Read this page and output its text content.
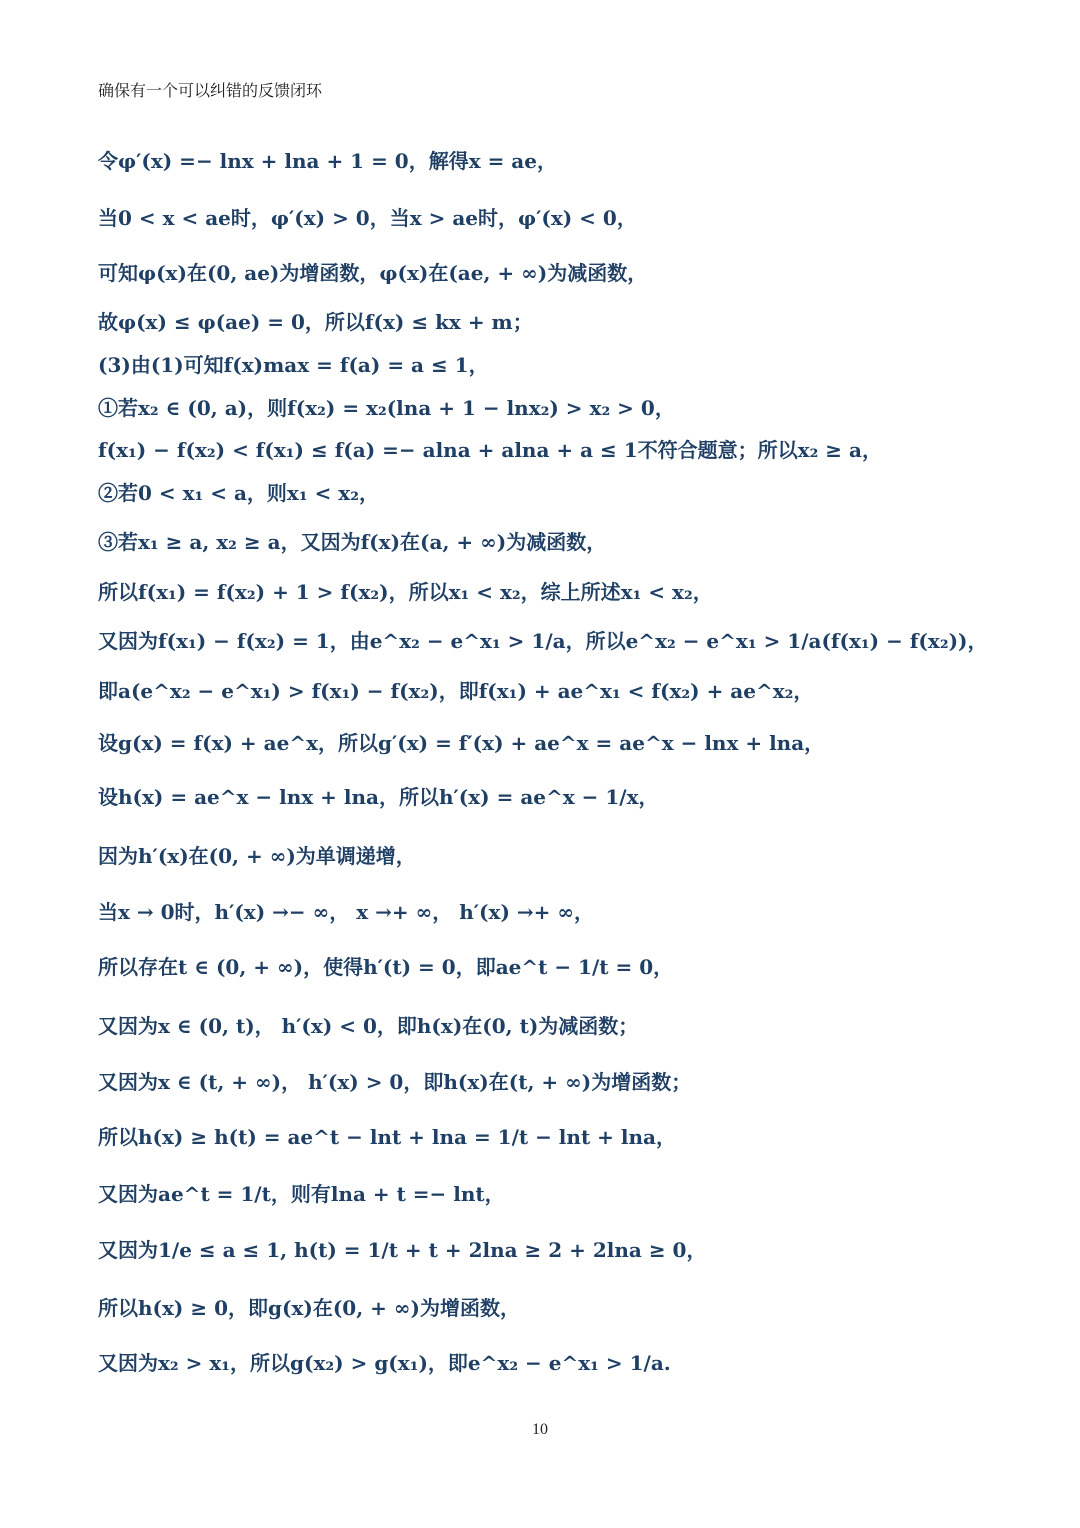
确保有一个可以纠错的反馈闭环
令φ′(x) =− lnx + lna + 1 = 0，解得x = ae，
当0 < x < ae时，φ′(x) > 0，当x > ae时，φ′(x) < 0，
可知φ(x)在(0, ae)为增函数，φ(x)在(ae, + ∞)为减函数，
故φ(x) ≤ φ(ae) = 0，所以f(x) ≤ kx + m；
(3)由(1)可知f(x)max = f(a) = a ≤ 1，
①若x₂ ∈ (0, a)，则f(x₂) = x₂(lna + 1 − lnx₂) > x₂ > 0，
f(x₁) − f(x₂) < f(x₁) ≤ f(a) =− alna + alna + a ≤ 1不符合题意；所以x₂ ≥ a，
②若0 < x₁ < a，则x₁ < x₂，
③若x₁ ≥ a, x₂ ≥ a，又因为f(x)在(a, + ∞)为减函数，
所以f(x₁) = f(x₂) + 1 > f(x₂)，所以x₁ < x₂，综上所述x₁ < x₂，
又因为f(x₁) − f(x₂) = 1，由e^x₂ − e^x₁ > 1/a，所以e^x₂ − e^x₁ > 1/a(f(x₁) − f(x₂))，
即a(e^x₂ − e^x₁) > f(x₁) − f(x₂)，即f(x₁) + ae^x₁ < f(x₂) + ae^x₂，
设g(x) = f(x) + ae^x，所以g′(x) = f′(x) + ae^x = ae^x − lnx + lna，
设h(x) = ae^x − lnx + lna，所以h′(x) = ae^x − 1/x，
因为h′(x)在(0, + ∞)为单调递增，
当x → 0时，h′(x) →− ∞， x →+ ∞， h′(x) →+ ∞，
所以存在t ∈ (0, + ∞)，使得h′(t) = 0，即ae^t − 1/t = 0，
又因为x ∈ (0, t)， h′(x) < 0，即h(x)在(0, t)为减函数；
又因为x ∈ (t, + ∞)， h′(x) > 0，即h(x)在(t, + ∞)为增函数；
所以h(x) ≥ h(t) = ae^t − lnt + lna = 1/t − lnt + lna，
又因为ae^t = 1/t，则有lna + t =− lnt，
又因为1/e ≤ a ≤ 1, h(t) = 1/t + t + 2lna ≥ 2 + 2lna ≥ 0，
所以h(x) ≥ 0，即g(x)在(0, + ∞)为增函数，
又因为x₂ > x₁，所以g(x₂) > g(x₁)，即e^x₂ − e^x₁ > 1/a.
10
